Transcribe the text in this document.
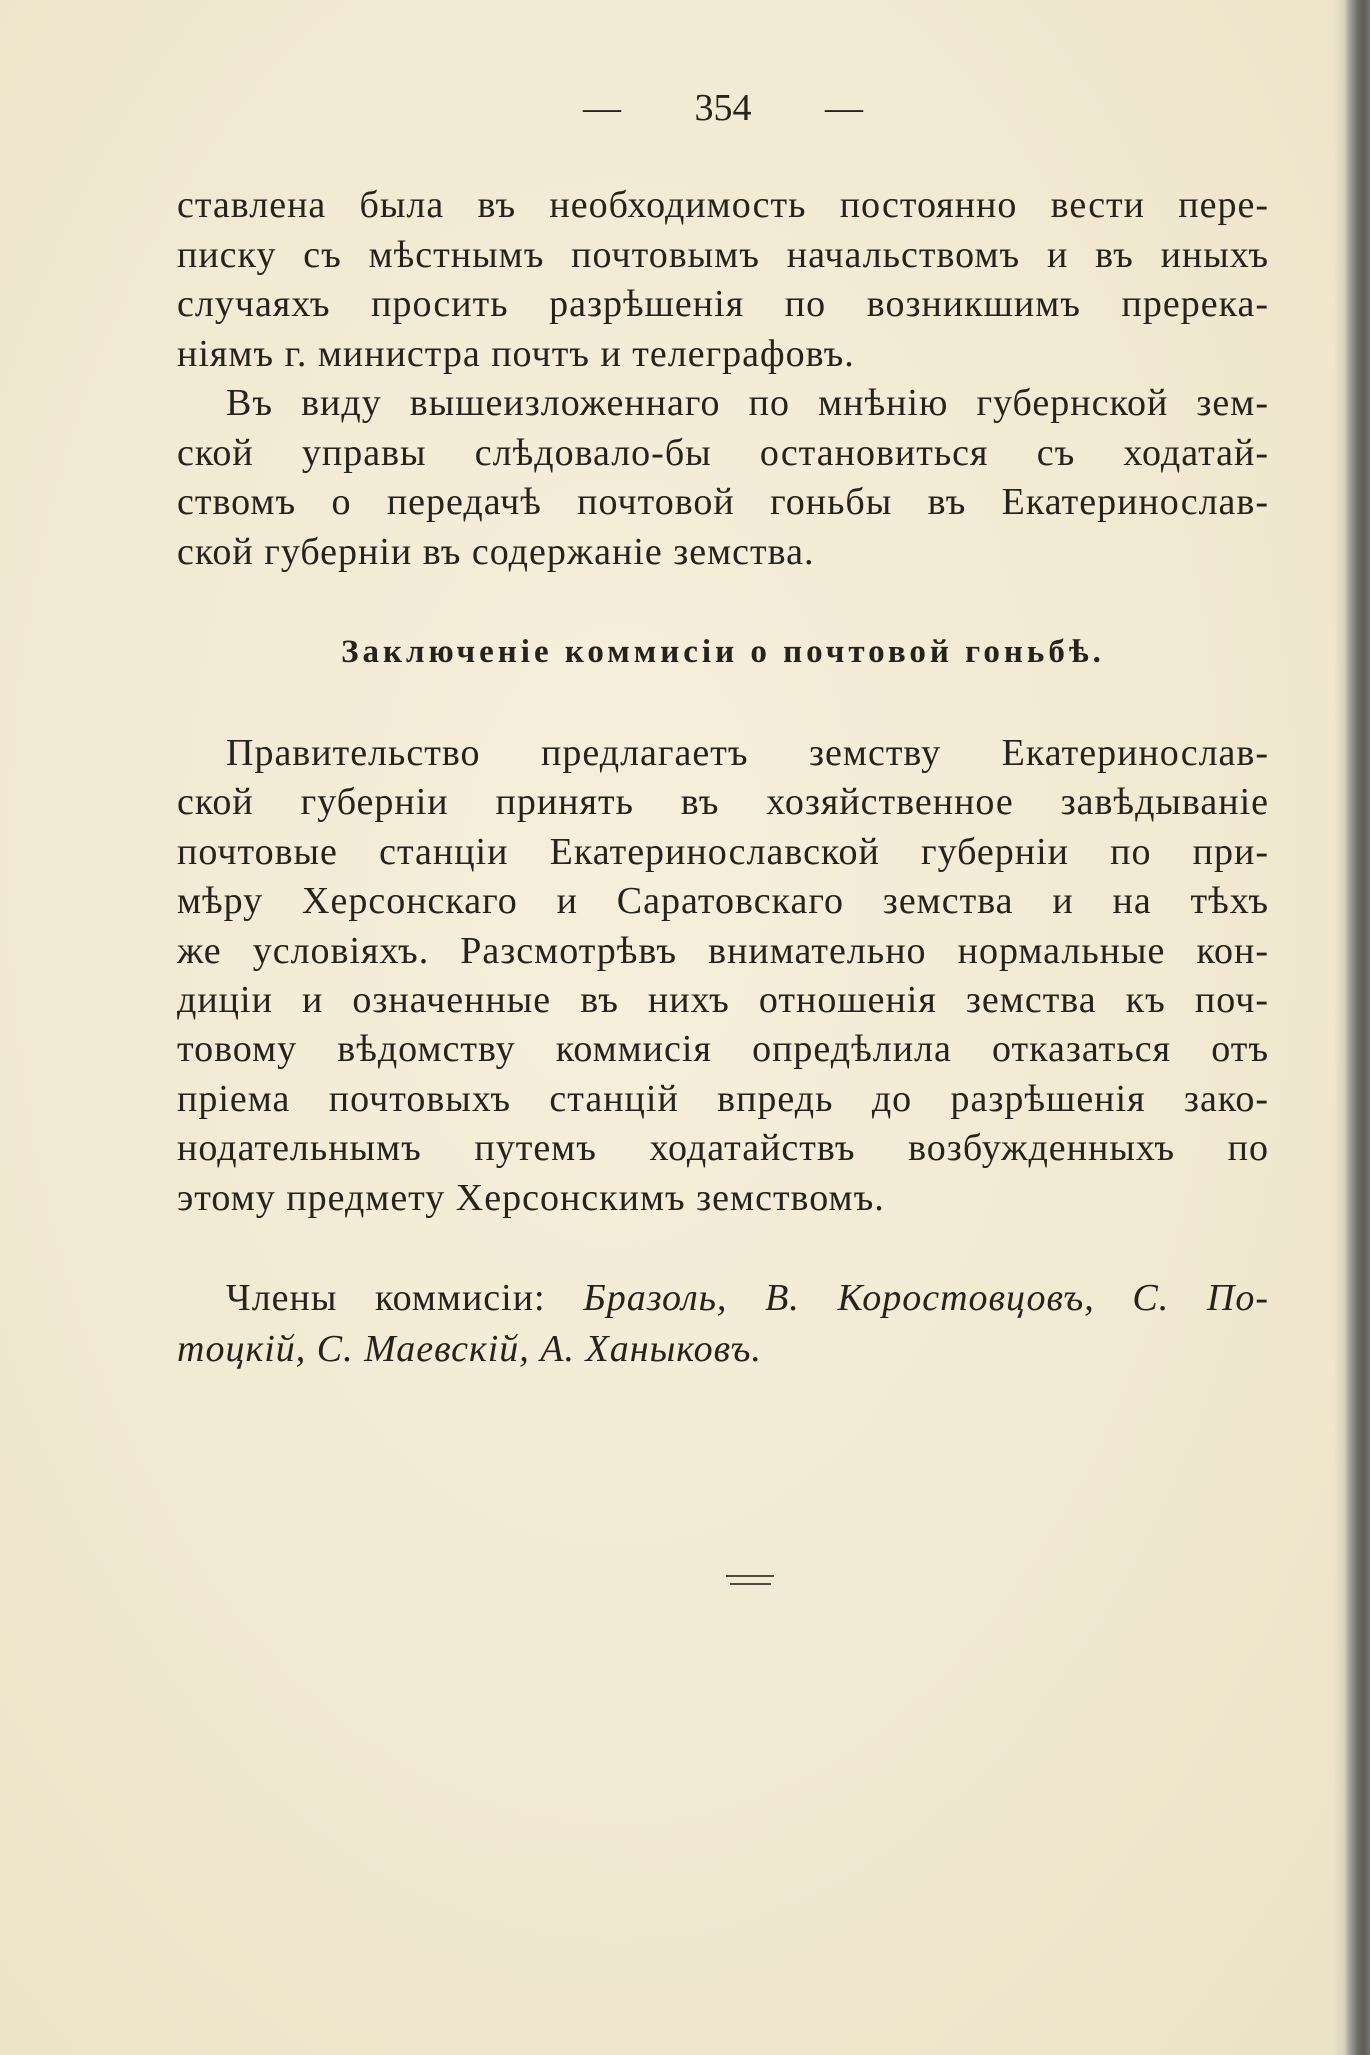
— 354 —
ставлена была въ необходимость постоянно вести пере-
писку съ мѣстнымъ почтовымъ начальствомъ и въ иныхъ
случаяхъ просить разрѣшенія по возникшимъ пререка-
ніямъ г. министра почтъ и телеграфовъ.
Въ виду вышеизложеннаго по мнѣнію губернской зем-
ской управы слѣдовало-бы остановиться съ ходатай-
ствомъ о передачѣ почтовой гоньбы въ Екатеринослав-
ской губерніи въ содержаніе земства.
Заключеніе коммисіи о почтовой гоньбѣ.
Правительство предлагаетъ земству Екатеринослав-
ской губерніи принять въ хозяйственное завѣдываніе
почтовые станціи Екатеринославской губерніи по при-
мѣру Херсонскаго и Саратовскаго земства и на тѣхъ
же условіяхъ. Разсмотрѣвъ внимательно нормальные кон-
диціи и означенные въ нихъ отношенія земства къ поч-
товому вѣдомству коммисія опредѣлила отказаться отъ
пріема почтовыхъ станцій впредь до разрѣшенія зако-
нодательнымъ путемъ ходатайствъ возбужденныхъ по
этому предмету Херсонскимъ земствомъ.
Члены коммисіи: Бразоль, В. Коростовцовъ, С. По-
тоцкій, С. Маевскій, А. Ханыковъ.
